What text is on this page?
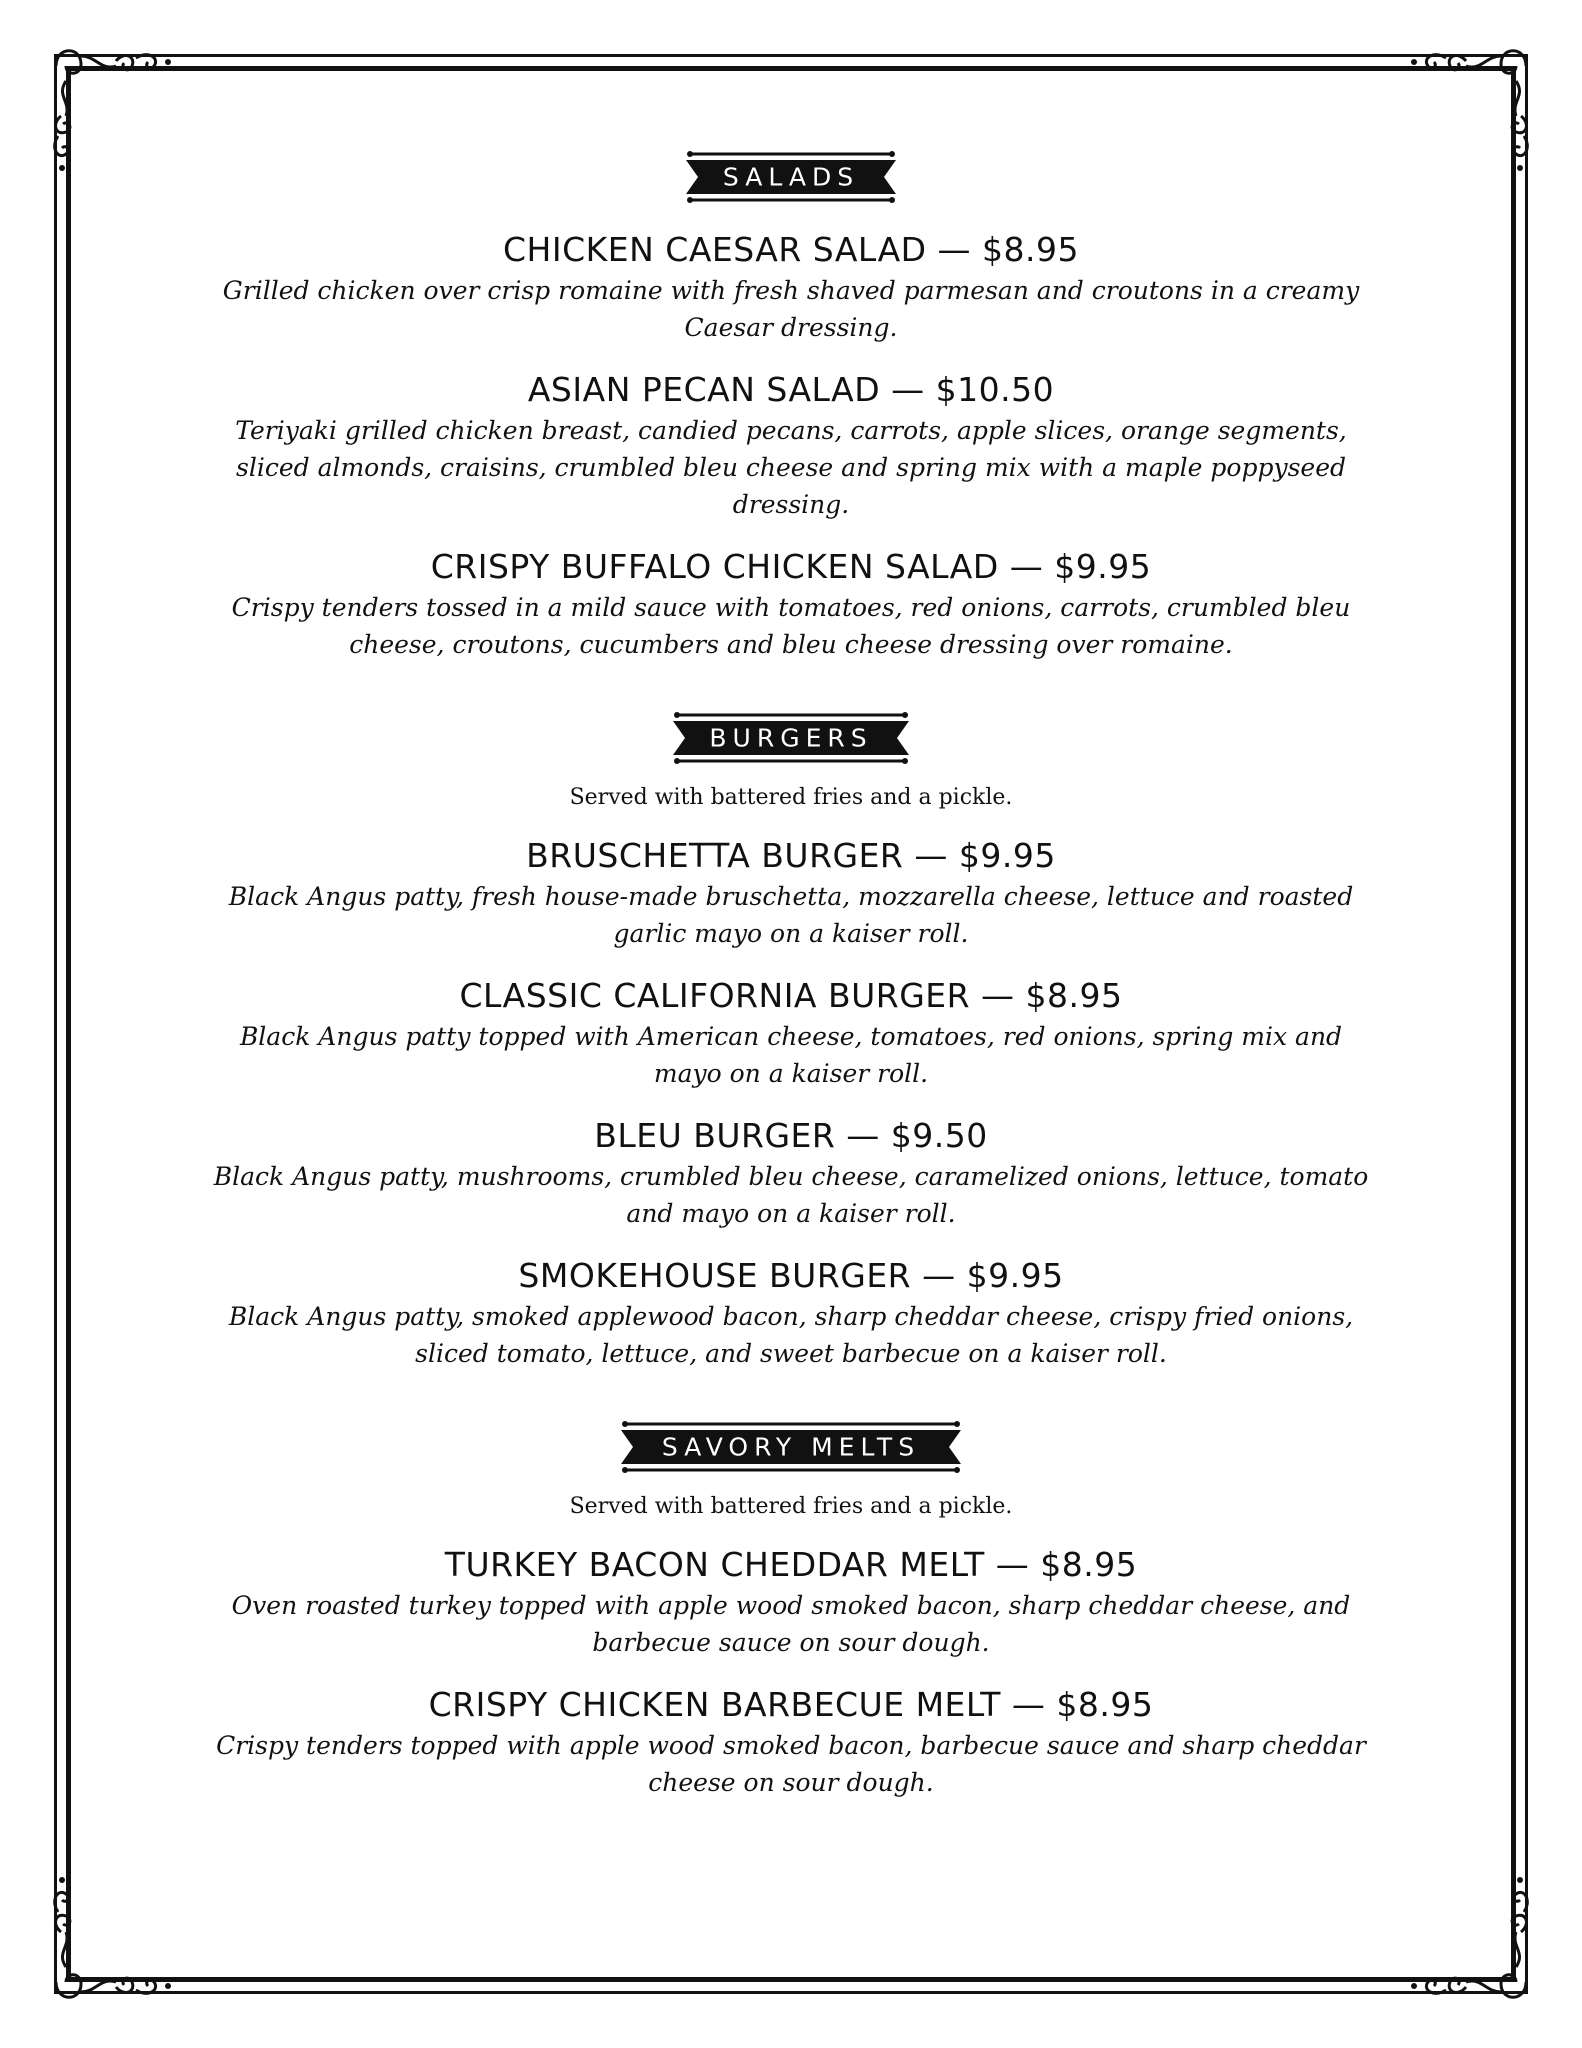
SALADS
CHICKEN CAESAR SALAD — $8.95
Grilled chicken over crisp romaine with fresh shaved parmesan and croutons in a creamy Caesar dressing.
ASIAN PECAN SALAD — $10.50
Teriyaki grilled chicken breast, candied pecans, carrots, apple slices, orange segments, sliced almonds, craisins, crumbled bleu cheese and spring mix with a maple poppyseed dressing.
CRISPY BUFFALO CHICKEN SALAD — $9.95
Crispy tenders tossed in a mild sauce with tomatoes, red onions, carrots, crumbled bleu cheese, croutons, cucumbers and bleu cheese dressing over romaine.
BURGERS
Served with battered fries and a pickle.
BRUSCHETTA BURGER — $9.95
Black Angus patty, fresh house-made bruschetta, mozzarella cheese, lettuce and roasted garlic mayo on a kaiser roll.
CLASSIC CALIFORNIA BURGER — $8.95
Black Angus patty topped with American cheese, tomatoes, red onions, spring mix and mayo on a kaiser roll.
BLEU BURGER — $9.50
Black Angus patty, mushrooms, crumbled bleu cheese, caramelized onions, lettuce, tomato and mayo on a kaiser roll.
SMOKEHOUSE BURGER — $9.95
Black Angus patty, smoked applewood bacon, sharp cheddar cheese, crispy fried onions, sliced tomato, lettuce, and sweet barbecue on a kaiser roll.
SAVORY MELTS
Served with battered fries and a pickle.
TURKEY BACON CHEDDAR MELT — $8.95
Oven roasted turkey topped with apple wood smoked bacon, sharp cheddar cheese, and barbecue sauce on sour dough.
CRISPY CHICKEN BARBECUE MELT — $8.95
Crispy tenders topped with apple wood smoked bacon, barbecue sauce and sharp cheddar cheese on sour dough.
